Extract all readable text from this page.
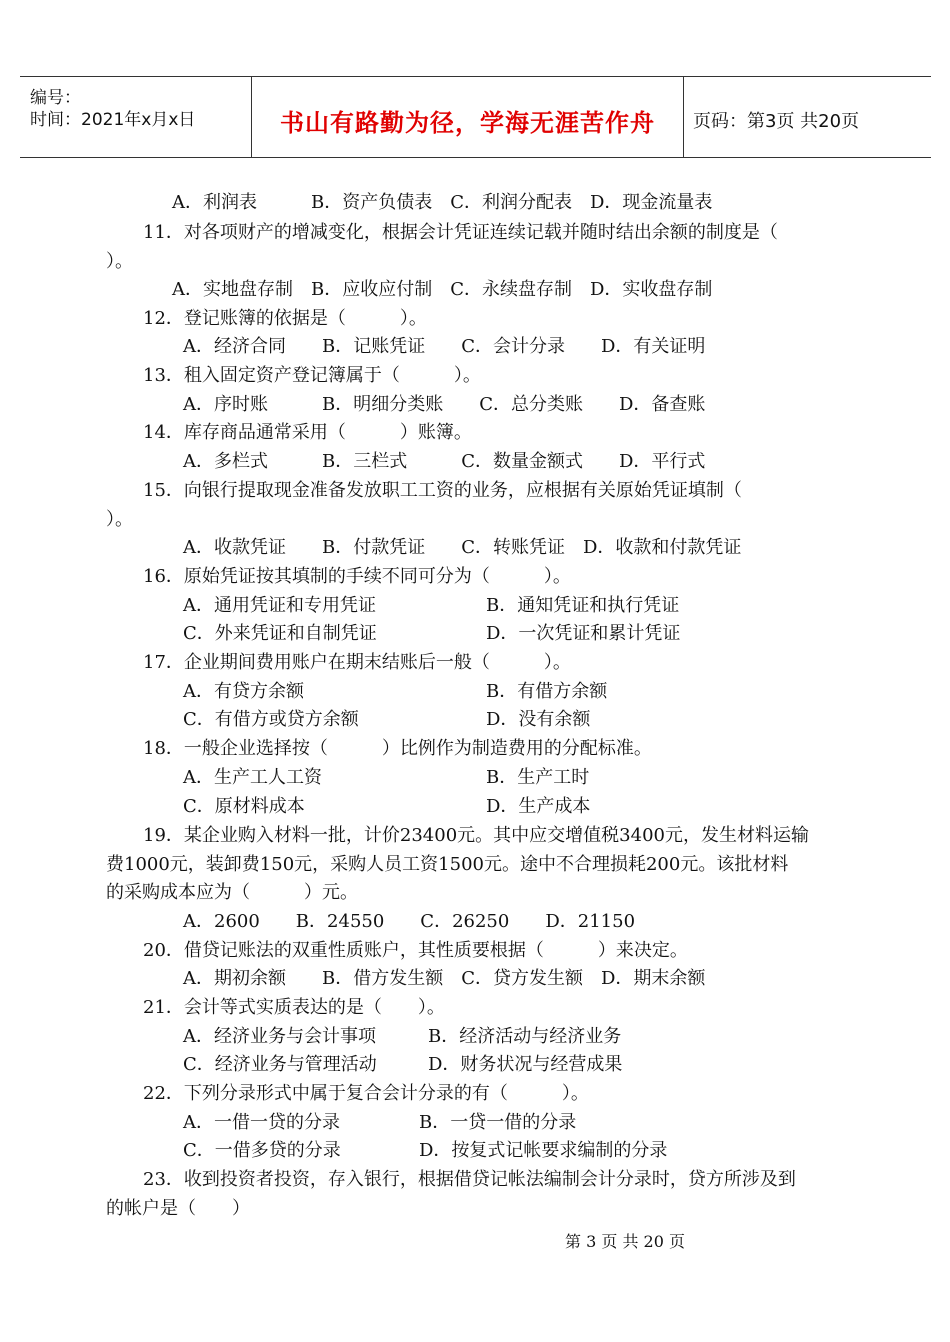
编号：
时间：2021年x月x日	书山有路勤为径，学海无涯苦作舟	页码：第3页 共20页
A．利润表　　　B．资产负债表　C．利润分配表　D．现金流量表
11．对各项财产的增减变化，根据会计凭证连续记载并随时结出余额的制度是（
）。
A．实地盘存制　B．应收应付制　C．永续盘存制　D．实收盘存制
12．登记账簿的依据是（　　　）。
A．经济合同　　B．记账凭证　　C．会计分录　　D．有关证明
13．租入固定资产登记簿属于（　　　）。
A．序时账　　　B．明细分类账　　C．总分类账　　D．备查账
14．库存商品通常采用（　　　）账簿。
A．多栏式　　　B．三栏式　　　C．数量金额式　　D．平行式
15．向银行提取现金准备发放职工工资的业务，应根据有关原始凭证填制（
）。
A．收款凭证　　B．付款凭证　　C．转账凭证　D．收款和付款凭证
16．原始凭证按其填制的手续不同可分为（　　　）。
A．通用凭证和专用凭证	B．通知凭证和执行凭证
C．外来凭证和自制凭证	D．一次凭证和累计凭证
17．企业期间费用账户在期末结账后一般（　　　）。
A．有贷方余额	B．有借方余额
C．有借方或贷方余额	D．没有余额
18．一般企业选择按（　　　）比例作为制造费用的分配标准。
A．生产工人工资	B．生产工时
C．原材料成本	D．生产成本
19．某企业购入材料一批，计价23400元。其中应交增值税3400元，发生材料运输
费1000元，装卸费150元，采购人员工资1500元。途中不合理损耗200元。该批材料
的采购成本应为（　　　）元。
A．2600　　B．24550　　C．26250　　D．21150
20．借贷记账法的双重性质账户，其性质要根据（　　　）来决定。
A．期初余额　　B．借方发生额　C．贷方发生额　D．期末余额
21．会计等式实质表达的是（　　）。
A．经济业务与会计事项	B．经济活动与经济业务
C．经济业务与管理活动	D．财务状况与经营成果
22．下列分录形式中属于复合会计分录的有（　　　）。
A．一借一贷的分录	B．一贷一借的分录
C．一借多贷的分录	D．按复式记帐要求编制的分录
23．收到投资者投资，存入银行，根据借贷记帐法编制会计分录时，贷方所涉及到
的帐户是（　　）
第 3 页 共 20 页
